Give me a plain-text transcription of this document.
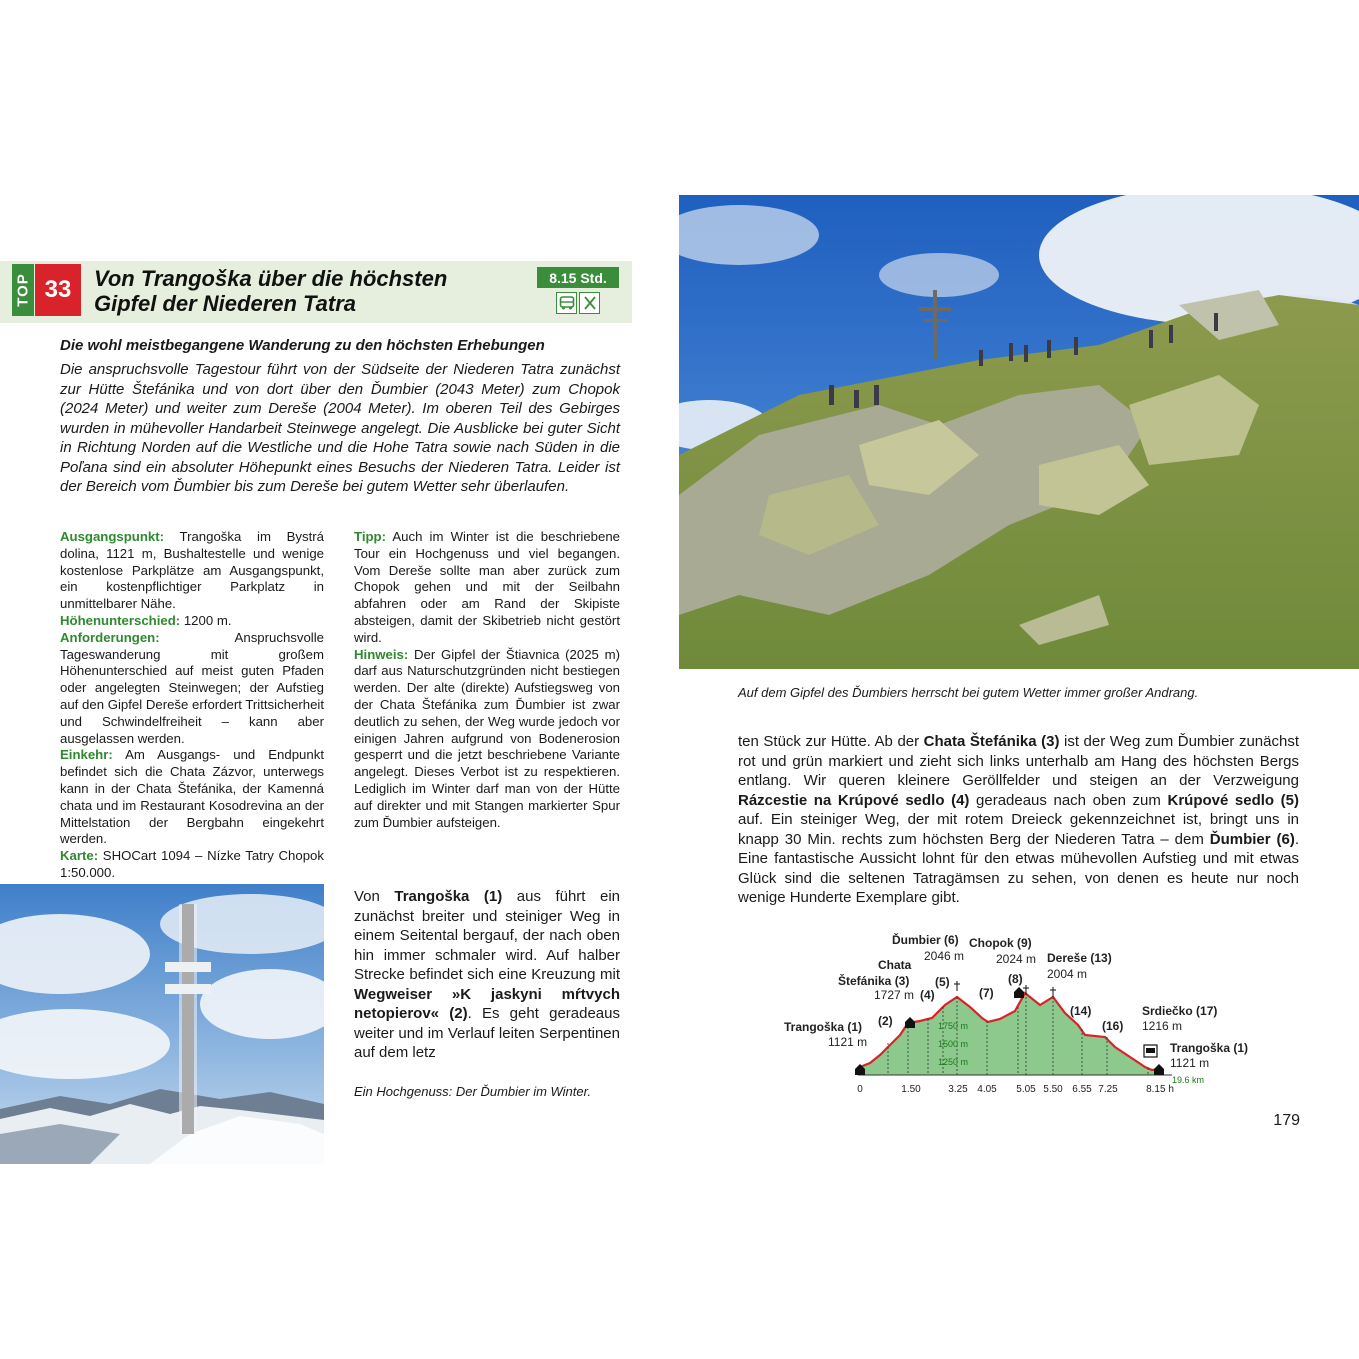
TOP 33	Von Trangoška über die höchsten
Gipfel der Niederen Tatra
8.15 Std.
Die wohl meistbegangene Wanderung zu den höchsten Erhebungen
Die anspruchsvolle Tagestour führt von der Südseite der Niederen Tatra zunächst zur Hütte Štefánika und von dort über den Ďumbier (2043 Meter) zum Chopok (2024 Meter) und weiter zum Dereše (2004 Meter). Im oberen Teil des Gebirges wurden in mühevoller Handarbeit Steinwege angelegt. Die Ausblicke bei guter Sicht in Richtung Norden auf die Westliche und die Hohe Tatra sowie nach Süden in die Poľana sind ein absoluter Höhepunkt eines Besuchs der Niederen Tatra. Leider ist der Bereich vom Ďumbier bis zum Dereše bei gutem Wetter sehr überlaufen.

Ausgangspunkt: Trangoška im Bystrá dolina, 1121 m, Bushaltestelle und wenige kostenlose Parkplätze am Ausgangspunkt, ein kostenpflichtiger Parkplatz in unmittelbarer Nähe.

Höhenunterschied: 1200 m.

Anforderungen: Anspruchsvolle Tageswanderung mit großem Höhenunterschied auf meist guten Pfaden oder angelegten Steinwegen; der Aufstieg auf den Gipfel Dereše erfordert Trittsicherheit und Schwindelfreiheit – kann aber ausgelassen werden.

Einkehr: Am Ausgangs- und Endpunkt befindet sich die Chata Zázvor, unterwegs kann in der Chata Štefánika, der Kamenná chata und im Restaurant Kosodrevina an der Mittelstation der Bergbahn eingekehrt werden.

Karte: SHOCart 1094 – Nízke Tatry Chopok 1:50.000.

Tipp: Auch im Winter ist die beschriebene Tour ein Hochgenuss und viel begangen. Vom Dereše sollte man aber zurück zum Chopok gehen und mit der Seilbahn abfahren oder am Rand der Skipiste absteigen, damit der Skibetrieb nicht gestört wird.

Hinweis: Der Gipfel der Štiavnica (2025 m) darf aus Naturschutzgründen nicht bestiegen werden. Der alte (direkte) Aufstiegsweg von der Chata Štefánika zum Ďumbier ist zwar deutlich zu sehen, der Weg wurde jedoch vor einigen Jahren aufgrund von Bodenerosion gesperrt und die jetzt beschriebene Variante angelegt. Dieses Verbot ist zu respektieren. Lediglich im Winter darf man von der Hütte auf direkter und mit Stangen markierter Spur zum Ďumbier aufsteigen.

Von Trangoška (1) aus führt ein zunächst breiter und steiniger Weg in einem Seitental bergauf, der nach oben hin immer schmaler wird. Auf halber Strecke befindet sich eine Kreuzung mit Wegweiser »K jaskyni mŕtvych netopierov« (2). Es geht geradeaus weiter und im Verlauf leiten Serpentinen auf dem letz

Ein Hochgenuss: Der Ďumbier im Winter.
Auf dem Gipfel des Ďumbiers herrscht bei gutem Wetter immer großer Andrang.

ten Stück zur Hütte. Ab der Chata Štefánika (3) ist der Weg zum Ďumbier zunächst rot und grün markiert und zieht sich links unterhalb am Hang des höchsten Bergs entlang. Wir queren kleinere Geröllfelder und steigen an der Verzweigung Rázcestie na Krúpové sedlo (4) geradeaus nach oben zum Krúpové sedlo (5) auf. Ein steiniger Weg, der mit rotem Dreieck gekennzeichnet ist, bringt uns in knapp 30 Min. rechts zum höchsten Berg der Niederen Tatra – dem Ďumbier (6). Eine fantastische Aussicht lohnt für den etwas mühevollen Aufstieg und mit etwas Glück sind die seltenen Tatragämsen zu sehen, von denen es heute nur noch wenige Hunderte Exemplare gibt.

1750 m
1500 m
1250 m
19.6 km
Trangoška (1)
1121 m
(2)
Chata
Štefánika (3)
1727 m (4)
(5)
Ďumbier (6)
2046 m
(7)
Chopok (9)
2024 m
(8)
Dereše (13)
2004 m
(14)
(16)
Srdiečko (17)
1216 m
Trangoška (1)
1121 m
0	1.50	3.25 4.05 5.05 5.50 6.55 7.25	8.15 h
179
